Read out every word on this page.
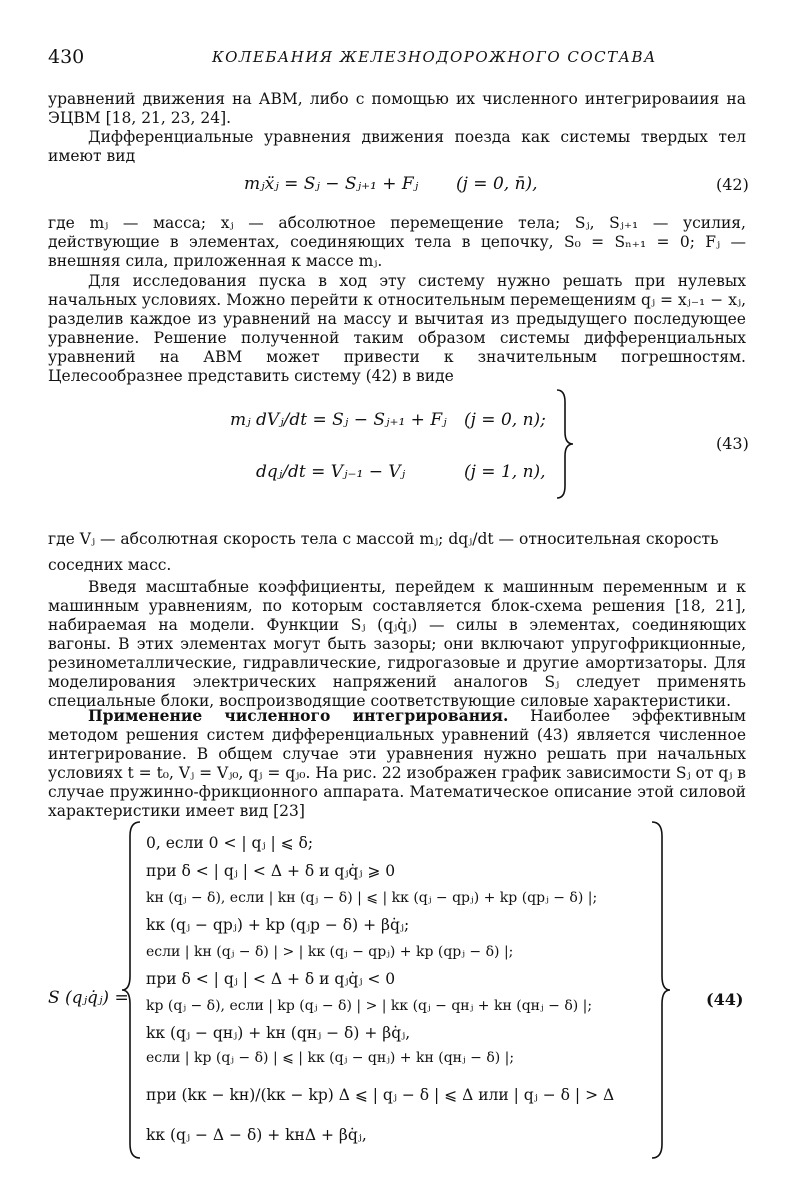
430	КОЛЕБАНИЯ ЖЕЛЕЗНОДОРОЖНОГО СОСТАВА
уравнений движения на АВМ, либо с помощью их численного интегрироваиия на ЭЦВМ [18, 21, 23, 24].
Дифференциальные уравнения движения поезда как системы твердых тел имеют вид
mⱼẍⱼ = Sⱼ − Sⱼ₊₁ + Fⱼ (j = 0, n̄),	(42)
где mⱼ — масса; xⱼ — абсолютное перемещение тела; Sⱼ, Sⱼ₊₁ — усилия, действующие в элементах, соединяющих тела в цепочку, S₀ = Sₙ₊₁ = 0; Fⱼ — внешняя сила, приложенная к массе mⱼ.
Для исследования пуска в ход эту систему нужно решать при нулевых начальных условиях. Можно перейти к относительным перемещениям qⱼ = xⱼ₋₁ − xⱼ, разделив каждое из уравнений на массу и вычитая из предыдущего последующее уравнение. Решение полученной таким образом системы дифференциальных уравнений на АВМ может привести к значительным погрешностям. Целесообразнее представить систему (42) в виде
mⱼ dVⱼ/dt = Sⱼ − Sⱼ₊₁ + Fⱼ (j = 0, n);
dqⱼ/dt = Vⱼ₋₁ − Vⱼ	(j = 1, n),
(43)
где Vⱼ — абсолютная скорость тела с массой mⱼ; dqⱼ/dt — относительная скорость
соседних масс.
Введя масштабные коэффициенты, перейдем к машинным переменным и к машинным уравнениям, по которым составляется блок-схема решения [18, 21], набираемая на модели. Функции Sⱼ (qⱼq̇ⱼ) — силы в элементах, соединяющих вагоны. В этих элементах могут быть зазоры; они включают упругофрикционные, резинометаллические, гидравлические, гидрогазовые и другие амортизаторы. Для моделирования электрических напряжений аналогов Sⱼ следует применять специальные блоки, воспроизводящие соответствующие силовые характеристики.
Применение численного интегрирования. Наиболее эффективным методом решения систем дифференциальных уравнений (43) является численное интегрирование. В общем случае эти уравнения нужно решать при начальных условиях t = t₀, Vⱼ = Vⱼ₀, qⱼ = qⱼ₀. На рис. 22 изображен график зависимости Sⱼ от qⱼ в случае пружинно-фрикционного аппарата. Математическое описание этой силовой характеристики имеет вид [23]
S (qⱼq̇ⱼ) =	(44)
0, если 0 < | qⱼ | ⩽ δ;
при δ < | qⱼ | < Δ + δ и qⱼq̇ⱼ ⩾ 0
kн (qⱼ − δ), если | kн (qⱼ − δ) | ⩽ | kк (qⱼ − qрⱼ) + kр (qрⱼ − δ) |;
kк (qⱼ − qрⱼ) + kр (qⱼр − δ) + βq̇ⱼ;
если | kн (qⱼ − δ) | > | kк (qⱼ − qрⱼ) + kр (qрⱼ − δ) |;
при δ < | qⱼ | < Δ + δ и qⱼq̇ⱼ < 0
kр (qⱼ − δ), если | kр (qⱼ − δ) | > | kк (qⱼ − qнⱼ + kн (qнⱼ − δ) |;
kк (qⱼ − qнⱼ) + kн (qнⱼ − δ) + βq̇ⱼ,
если | kр (qⱼ − δ) | ⩽ | kк (qⱼ − qнⱼ) + kн (qнⱼ − δ) |;
при (kк − kн)/(kк − kр) Δ ⩽ | qⱼ − δ | ⩽ Δ или | qⱼ − δ | > Δ
kк (qⱼ − Δ − δ) + kнΔ + βq̇ⱼ,
